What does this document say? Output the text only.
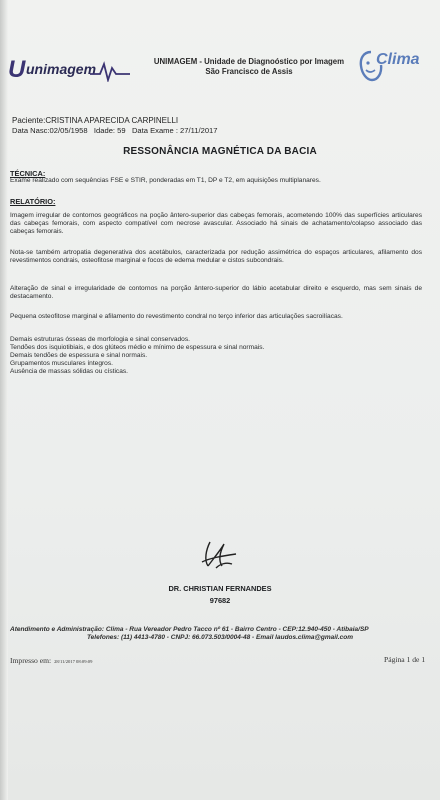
U unimagem	UNIMAGEM - Unidade de Diagnoóstico por Imagem
São Francisco de Assis
Clima
Paciente:CRISTINA APARECIDA CARPINELLI
Data Nasc:02/05/1958 Idade: 59 Data Exame : 27/11/2017
RESSONÂNCIA MAGNÉTICA DA BACIA
TÉCNICA:
Exame realizado com sequências FSE e STIR, ponderadas em T1, DP e T2, em aquisições multiplanares.
RELATÓRIO:
Imagem irregular de contornos geográficos na poção ântero-superior das cabeças femorais, acometendo 100% das superfícies articulares das cabeças femorais, com aspecto compatível com necrose avascular. Associado há sinais de achatamento/colapso associado das cabeças femorais.
Nota-se também artropatia degenerativa dos acetábulos, caracterizada por redução assimétrica do espaços articulares, afilamento dos revestimentos condrais, osteofitose marginal e focos de edema medular e cistos subcondrais.
Alteração de sinal e irregularidade de contornos na porção ântero-superior do lábio acetabular direito e esquerdo, mas sem sinais de destacamento.
Pequena osteofitose marginal e afilamento do revestimento condral no terço inferior das articulações sacroilíacas.
Demais estruturas ósseas de morfologia e sinal conservados.
Tendões dos isquiotibiais, e dos glúteos médio e mínimo de espessura e sinal normais.
Demais tendões de espessura e sinal normais.
Grupamentos musculares íntegros.
Ausência de massas sólidas ou císticas.
DR. CHRISTIAN FERNANDES
97682
Atendimento e Administração: Clima - Rua Vereador Pedro Tacco nº 61 - Bairro Centro - CEP:12.940-450 - Atibaia/SP
Telefones: (11) 4413-4780 - CNPJ: 66.073.503/0004-48 - Email laudos.clima@gmail.com
Impresso em: 28/11/2017 08:09:09	Página 1 de 1
